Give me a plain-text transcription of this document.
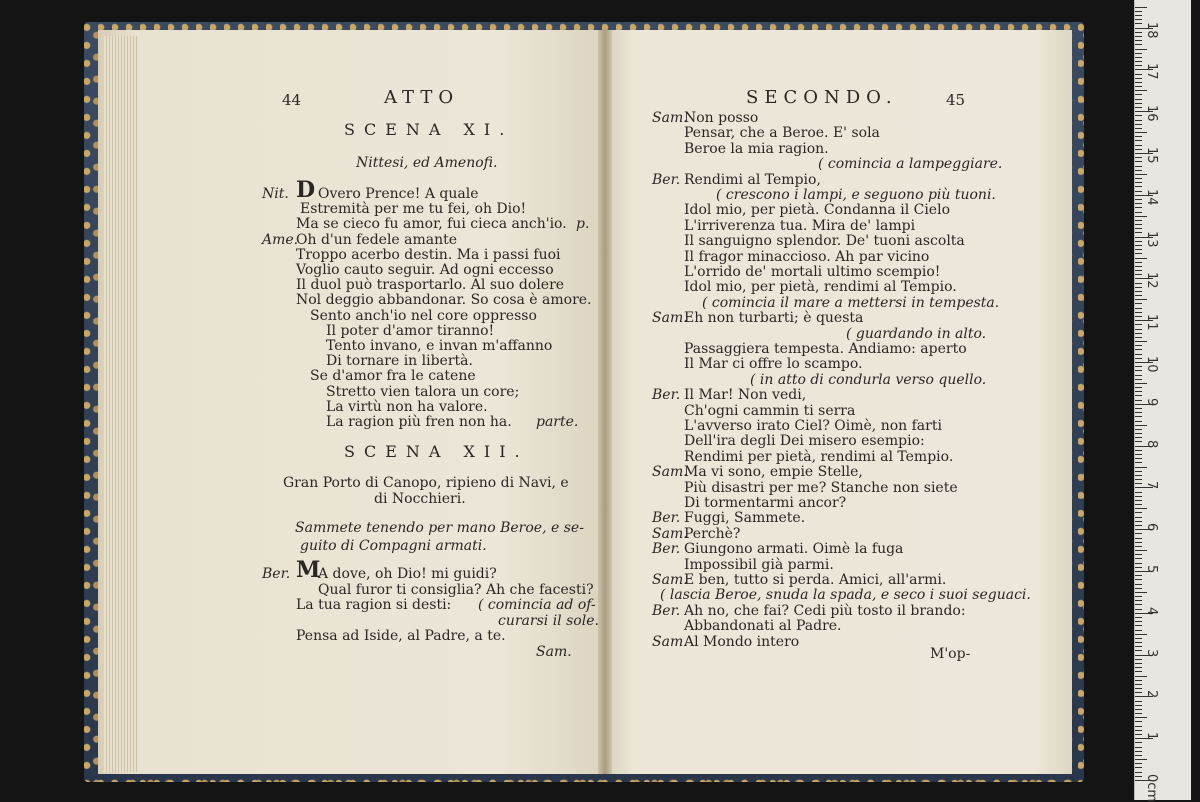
44	ATTO
SCENA XI.
Nittesi, ed Amenofi.
Nit. D Overo Prence! A quale
Estremità per me tu fei, oh Dio!
Ma se cieco fu amor, fui cieca anch'io. p.
Ame.
Oh d'un fedele amante
Troppo acerbo destin. Ma i passi fuoi
Voglio cauto seguir. Ad ogni eccesso
Il duol può trasportarlo. Al suo dolere
Nol deggio abbandonar. So cosa è amore.
Sento anch'io nel core oppresso
Il poter d'amor tiranno!
Tento invano, e invan m'affanno
Di tornare in libertà.
Se d'amor fra le catene
Stretto vien talora un core;
La virtù non ha valore.
La ragion più fren non ha. parte.
SCENA XII.
Gran Porto di Canopo, ripieno di Navi, e
di Nocchieri.
Sammete tenendo per mano Beroe, e se-
guito di Compagni armati.
Ber. M
A dove, oh Dio! mi guidi?
Qual furor ti consiglia? Ah che facesti?
La tua ragion si desti: ( comincia ad of-
curarsi il sole.
Pensa ad Iside, al Padre, a te.
Sam.
SECONDO.	45
Sam.
Non posso
Pensar, che a Beroe. E' sola
Beroe la mia ragion.
( comincia a lampeggiare.
Ber. Rendimi al Tempio,
( crescono i lampi, e seguono più tuoni.
Idol mio, per pietà. Condanna il Cielo
L'irriverenza tua. Mira de' lampi
Il sanguigno splendor. De' tuoni ascolta
Il fragor minaccioso. Ah par vicino
L'orrido de' mortali ultimo scempio!
Idol mio, per pietà, rendimi al Tempio.
( comincia il mare a mettersi in tempesta.
Sam.
Eh non turbarti; è questa
( guardando in alto.
Passaggiera tempesta. Andiamo: aperto
Il Mar ci offre lo scampo.
( in atto di condurla verso quello.
Ber. Il Mar! Non vedi,
Ch'ogni cammin ti serra
L'avverso irato Ciel? Oimè, non farti
Dell'ira degli Dei misero esempio:
Rendimi per pietà, rendimi al Tempio.
Sam.
Ma vi sono, empie Stelle,
Più disastri per me? Stanche non siete
Di tormentarmi ancor?
Ber. Fuggi, Sammete.
Sam.
Perchè?
Ber. Giungono armati. Oimè la fuga
Impossibil già parmi.
Sam.
E ben, tutto si perda. Amici, all'armi.
( lascia Beroe, snuda la spada, e seco i suoi seguaci.
Ber. Ah no, che fai? Cedi più tosto il brando:
Abbandonati al Padre.
Sam.
Al Mondo intero
M'op-
0cm
1
2
3
4
5
6
7
8
9
10
11
12
13
14
15
16
17
18
